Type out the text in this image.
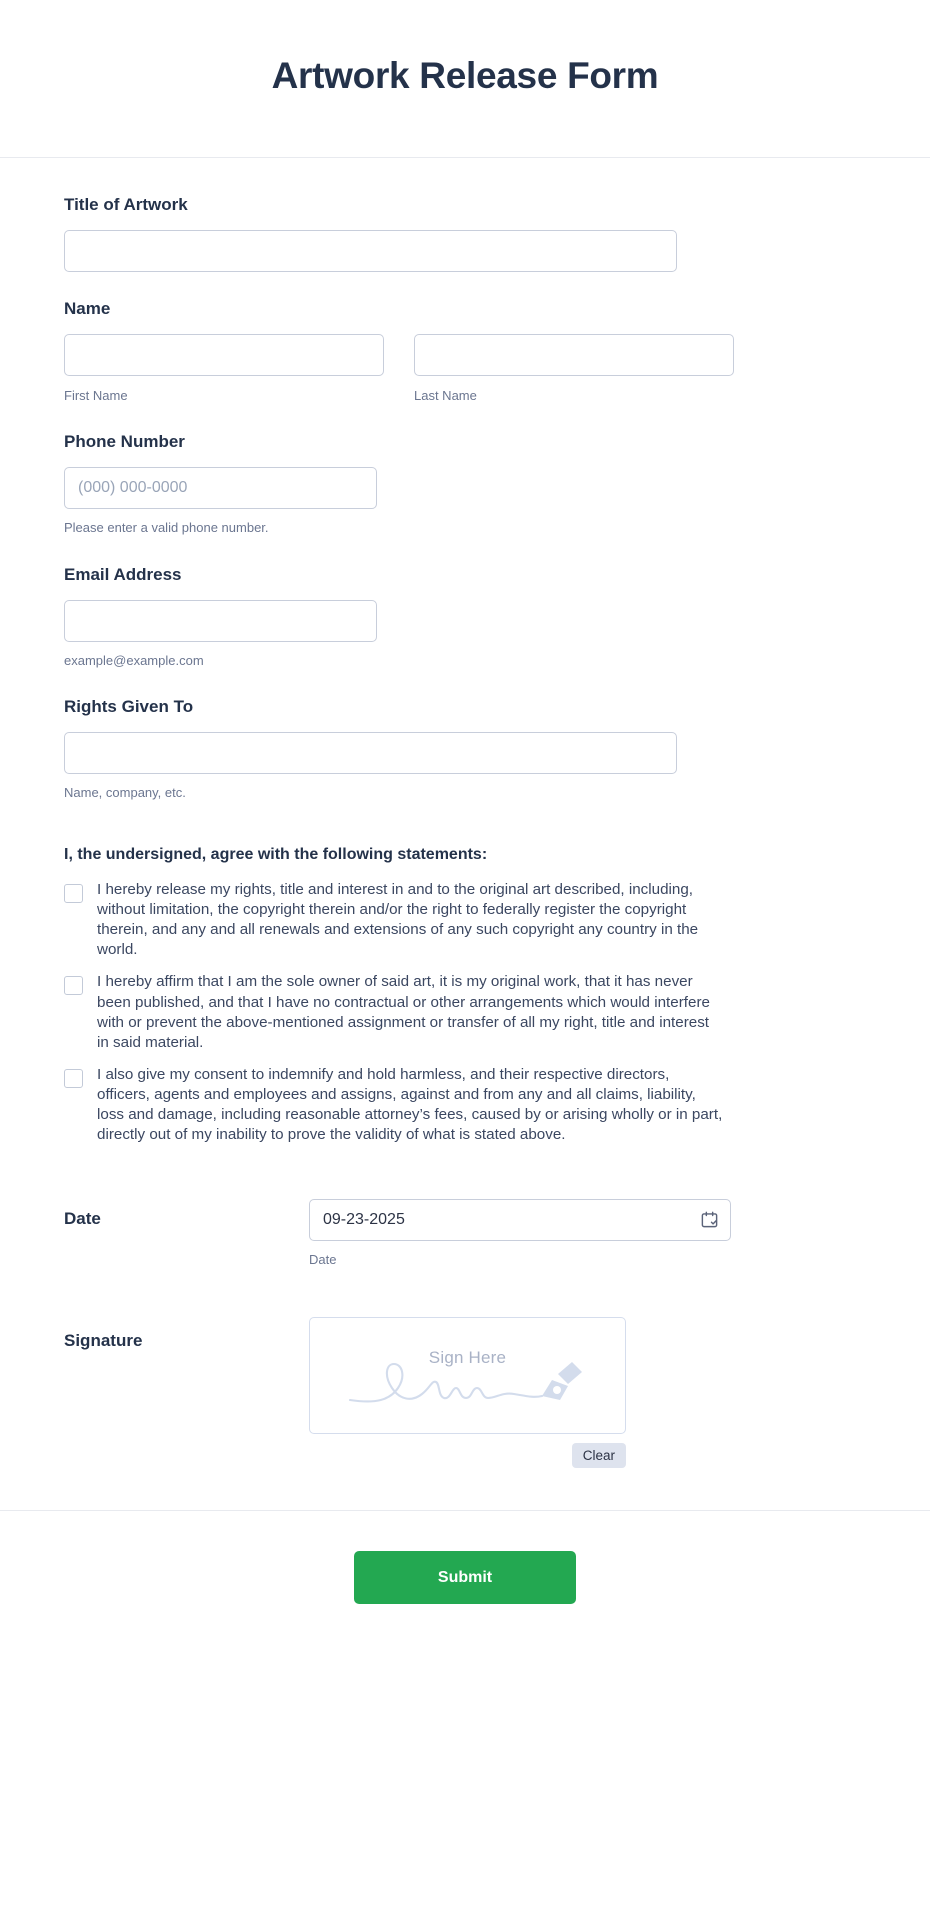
Artwork Release Form
Title of Artwork
Name
First Name	Last Name
Phone Number
(000) 000-0000
Please enter a valid phone number.
Email Address
example@example.com
Rights Given To
Name, company, etc.
I, the undersigned, agree with the following statements:
I hereby release my rights, title and interest in and to the original art described, including, without limitation, the copyright therein and/or the right to federally register the copyright therein, and any and all renewals and extensions of any such copyright any country in the world.
I hereby affirm that I am the sole owner of said art, it is my original work, that it has never been published, and that I have no contractual or other arrangements which would interfere with or prevent the above-mentioned assignment or transfer of all my right, title and interest in said material.
I also give my consent to indemnify and hold harmless, and their respective directors, officers, agents and employees and assigns, against and from any and all claims, liability, loss and damage, including reasonable attorney’s fees, caused by or arising wholly or in part, directly out of my inability to prove the validity of what is stated above.
Date
09-23-2025
Date
Signature
Sign Here
Clear
Submit
